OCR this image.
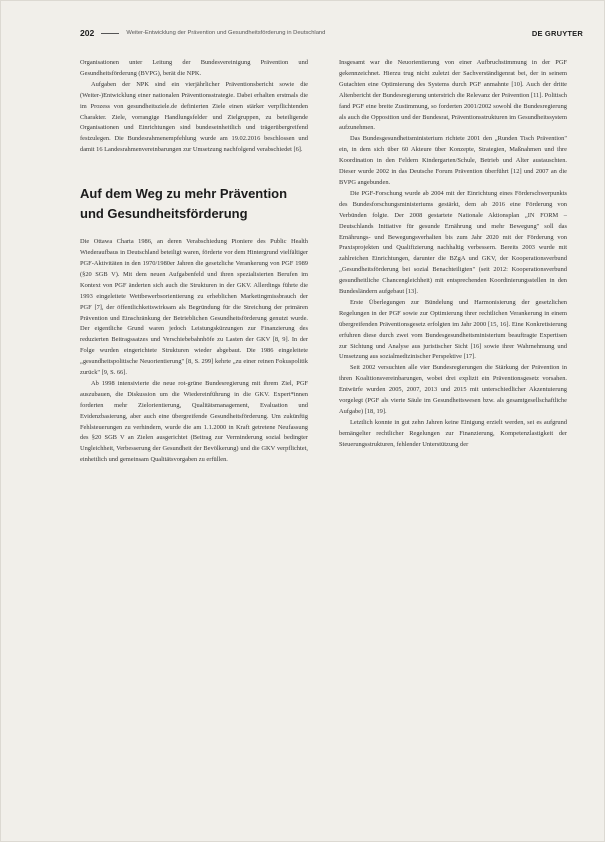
202	Weiter-Entwicklung der Prävention und Gesundheitsförderung in Deutschland	DE GRUYTER

Organisationen unter Leitung der Bundesvereinigung Prävention und Gesundheitsförderung (BVPG), berät die NPK.

Aufgaben der NPK sind ein vierjährlicher Präventionsbericht sowie die (Weiter-)Entwicklung einer nationalen Präventionsstrategie. Dabei erhalten erstmals die im Prozess von gesundheitsziele.de definierten Ziele einen stärker verpflichtenden Charakter. Ziele, vorrangige Handlungsfelder und Zielgruppen, zu beteiligende Organisationen und Einrichtungen sind bundeseinheitlich und trägerübergreifend festzulegen. Die Bundesrahmenempfehlung wurde am 19.02.2016 beschlossen und damit 16 Landesrahmenvereinbarungen zur Umsetzung nachfolgend verabschiedet [6].

Auf dem Weg zu mehr Prävention und Gesundheitsförderung

Die Ottawa Charta 1986, an deren Verabschiedung Pioniere des Public Health Wiederaufbaus in Deutschland beteiligt waren, förderte vor dem Hintergrund vielfältiger PGF-Aktivitäten in den 1970/1980er Jahren die gesetzliche Verankerung von PGF 1989 (§20 SGB V). Mit dem neuen Aufgabenfeld und ihren spezialisierten Berufen im Kontext von PGF änderten sich auch die Strukturen in der GKV. Allerdings führte die 1993 eingeleitete Wettbewerbsorientierung zu erheblichen Marketingmissbrauch der PGF [7], der öffentlichkeitswirksam als Begründung für die Streichung der primären Prävention und Einschränkung der Betrieblichen Gesundheitsförderung genutzt wurde. Der eigentliche Grund waren jedoch Leistungskürzungen zur Finanzierung des reduzierten Beitragssatzes und Verschiebebahnhöfe zu Lasten der GKV [8, 9]. In der Folge wurden eingerichtete Strukturen wieder abgebaut. Die 1986 eingeleitete „gesundheitspolitische Neuorientierung" [8, S. 299] kehrte „zu einer reinen Fokuspolitik zurück" [9, S. 66].

Ab 1998 intensivierte die neue rot-grüne Bundesregierung mit ihrem Ziel, PGF auszubauen, die Diskussion um die Wiedereinführung in die GKV. Expert*innen forderten mehr Zielorientierung, Qualitätsmanagement, Evaluation und Evidenzbasierung, aber auch eine übergreifende Gesundheitsförderung. Um zukünftig Fehlsteuerungen zu verhindern, wurde die am 1.1.2000 in Kraft getretene Neufassung des §20 SGB V an Zielen ausgerichtet (Beitrag zur Verminderung sozial bedingter Ungleichheit, Verbesserung der Gesundheit der Bevölkerung) und die GKV verpflichtet, einheitlich und gemeinsam Qualitätsvorgaben zu erfüllen.

Insgesamt war die Neuorientierung von einer Aufbruchstimmung in der PGF gekennzeichnet. Hierzu trug nicht zuletzt der Sachverständigenrat bei, der in seinem Gutachten eine Optimierung des Systems durch PGF anmahnte [10]. Auch der dritte Altenbericht der Bundesregierung unterstrich die Relevanz der Prävention [11]. Politisch fand PGF eine breite Zustimmung, so forderten 2001/2002 sowohl die Bundesregierung als auch die Opposition und der Bundesrat, Präventionsstrukturen im Gesundheitssystem aufzunehmen.

Das Bundesgesundheitsministerium richtete 2001 den „Runden Tisch Prävention" ein, in dem sich über 60 Akteure über Konzepte, Strategien, Maßnahmen und ihre Koordination in den Feldern Kindergarten/Schule, Betrieb und Alter austauschten. Dieser wurde 2002 in das Deutsche Forum Prävention überführt [12] und 2007 an die BVPG angebunden.

Die PGF-Forschung wurde ab 2004 mit der Einrichtung eines Förderschwerpunkts des Bundesforschungsministeriums gestärkt, dem ab 2016 eine Förderung von Verbünden folgte. Der 2008 gestartete Nationale Aktionsplan „IN FORM – Deutschlands Initiative für gesunde Ernährung und mehr Bewegung" soll das Ernährungs- und Bewegungsverhalten bis zum Jahr 2020 mit der Förderung von Praxisprojekten und Qualifizierung nachhaltig verbessern. Bereits 2003 wurde mit zahlreichen Einrichtungen, darunter die BZgA und GKV, der Kooperationsverbund „Gesundheitsförderung bei sozial Benachteiligten" (seit 2012: Kooperationsverbund gesundheitliche Chancengleichheit) mit entsprechenden Koordinierungsstellen in den Bundesländern aufgebaut [13].

Erste Überlegungen zur Bündelung und Harmonisierung der gesetzlichen Regelungen in der PGF sowie zur Optimierung ihrer rechtlichen Verankerung in einem übergreifenden Präventionsgesetz erfolgten im Jahr 2000 [15, 16]. Eine Konkretisierung erfuhren diese durch zwei vom Bundesgesundheitsministerium beauftragte Expertisen zur Sichtung und Analyse aus juristischer Sicht [16] sowie ihrer Wahrnehmung und Umsetzung aus sozialmedizinischer Perspektive [17].

Seit 2002 versuchten alle vier Bundesregierungen die Stärkung der Prävention in ihren Koalitionsvereinbarungen, wobei drei explizit ein Präventionsgesetz vorsahen. Entwürfe wurden 2005, 2007, 2013 und 2015 mit unterschiedlicher Akzentuierung vorgelegt (PGF als vierte Säule im Gesundheitswesen bzw. als gesamtgesellschaftliche Aufgabe) [18, 19].

Letztlich konnte in gut zehn Jahren keine Einigung erzielt werden, sei es aufgrund bemängelter rechtlicher Regelungen zur Finanzierung, Kompetenzlastigkeit der Steuerungsstrukturen, fehlender Unterstützung der
